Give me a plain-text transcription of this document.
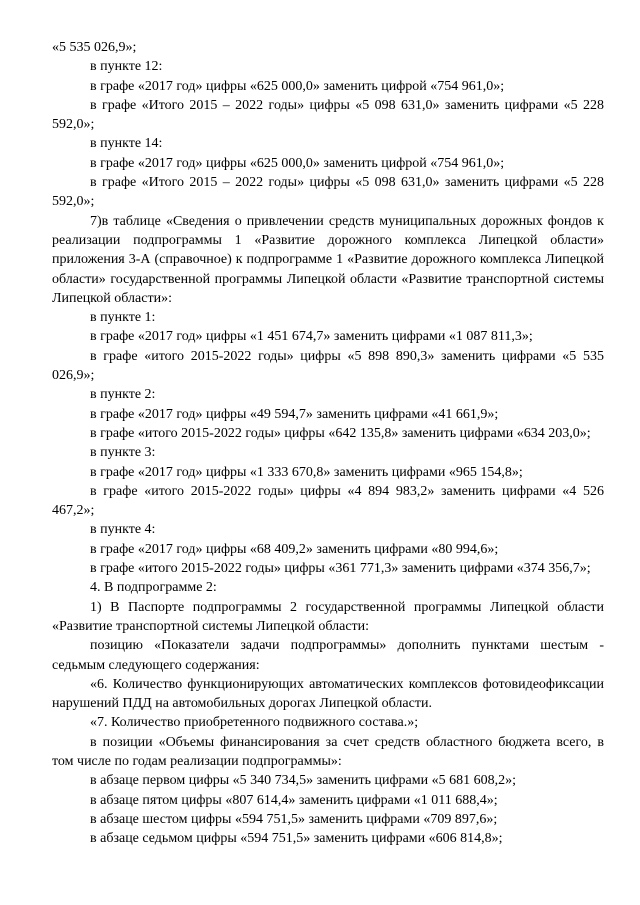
«5 535 026,9»;

в пункте 12:

в графе «2017 год» цифры «625 000,0» заменить цифрой «754 961,0»;

в графе «Итого 2015 – 2022 годы» цифры «5 098 631,0» заменить цифрами «5 228 592,0»;

в пункте 14:

в графе «2017 год» цифры «625 000,0» заменить цифрой «754 961,0»;

в графе «Итого 2015 – 2022 годы» цифры «5 098 631,0» заменить цифрами «5 228 592,0»;

7)в таблице «Сведения о привлечении средств муниципальных дорожных фондов к реализации подпрограммы 1 «Развитие дорожного комплекса Липецкой области» приложения 3-А (справочное) к подпрограмме 1 «Развитие дорожного комплекса Липецкой области» государственной программы Липецкой области «Развитие транспортной системы Липецкой области»:

в пункте 1:

в графе «2017 год» цифры «1 451 674,7» заменить цифрами «1 087 811,3»;

в графе «итого 2015-2022 годы» цифры «5 898 890,3» заменить цифрами «5 535 026,9»;

в пункте 2:

в графе «2017 год» цифры «49 594,7» заменить цифрами «41 661,9»;

в графе «итого 2015-2022 годы» цифры «642 135,8» заменить цифрами «634 203,0»;

в пункте 3:

в графе «2017 год» цифры «1 333 670,8» заменить цифрами «965 154,8»;

в графе «итого 2015-2022 годы» цифры «4 894 983,2» заменить цифрами «4 526 467,2»;

в пункте 4:

в графе «2017 год» цифры «68 409,2» заменить цифрами «80 994,6»;

в графе «итого 2015-2022 годы» цифры «361 771,3» заменить цифрами «374 356,7»;

4. В подпрограмме 2:

1) В Паспорте подпрограммы 2 государственной программы Липецкой области «Развитие транспортной системы Липецкой области:

позицию «Показатели задачи подпрограммы» дополнить пунктами шестым - седьмым следующего содержания:

«6. Количество функционирующих автоматических комплексов фотовидеофиксации нарушений ПДД на автомобильных дорогах Липецкой области.

«7. Количество приобретенного подвижного состава.»;

в позиции «Объемы финансирования за счет средств областного бюджета всего, в том числе по годам реализации подпрограммы»:

в абзаце первом цифры «5 340 734,5» заменить цифрами «5 681 608,2»;

в абзаце пятом цифры «807 614,4» заменить цифрами «1 011 688,4»;

в абзаце шестом цифры «594 751,5» заменить цифрами «709 897,6»;

в абзаце седьмом цифры «594 751,5» заменить цифрами «606 814,8»;
